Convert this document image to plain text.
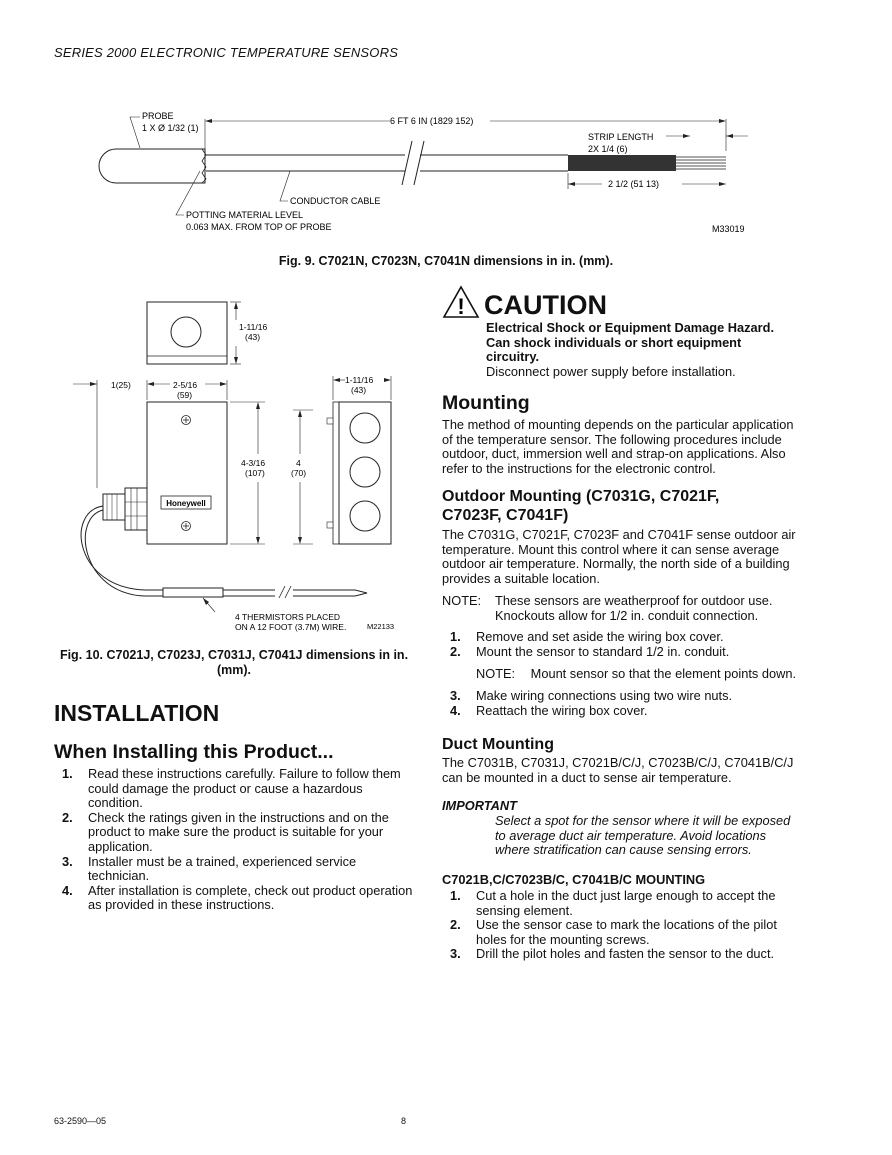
SERIES 2000 ELECTRONIC TEMPERATURE SENSORS
6 FT 6 IN (1829 152)
STRIP LENGTH
2X 1/4 (6)
2 1/2 (51 13)
PROBE
1 X Ø 1/32 (1)
CONDUCTOR CABLE
POTTING MATERIAL LEVEL
0.063 MAX. FROM TOP OF PROBE	M33019
Fig. 9. C7021N, C7023N, C7041N dimensions in in. (mm).
1-11/16
(43)
Honeywell
4 THERMISTORS PLACED
ON A 12 FOOT (3.7M) WIRE.	M22133
1(25)	2-5/16
(59)
4-3/16
(107)
4
(70)
1-11/16
(43)
Fig. 10. C7021J, C7023J, C7031J, C7041J dimensions in in.
(mm).
INSTALLATION
When Installing this Product...
1. Read these instructions carefully. Failure to follow them could damage the product or cause a hazardous condition.
2. Check the ratings given in the instructions and on the product to make sure the product is suitable for your application.
3. Installer must be a trained, experienced service technician.
4. After installation is complete, check out product operation as provided in these instructions.
! CAUTION
Electrical Shock or Equipment Damage Hazard.
Can shock individuals or short equipment circuitry.
Disconnect power supply before installation.
Mounting
The method of mounting depends on the particular application of the temperature sensor. The following procedures include outdoor, duct, immersion well and strap-on applications. Also refer to the instructions for the electronic control.
Outdoor Mounting (C7031G, C7021F, C7023F, C7041F)
The C7031G, C7021F, C7023F and C7041F sense outdoor air temperature. Mount this control where it can sense average outdoor air temperature. Normally, the north side of a building provides a suitable location.
NOTE:	These sensors are weatherproof for outdoor use. Knockouts allow for 1/2 in. conduit connection.
1. Remove and set aside the wiring box cover.
2. Mount the sensor to standard 1/2 in. conduit.
NOTE: Mount sensor so that the element points down.
3. Make wiring connections using two wire nuts.
4. Reattach the wiring box cover.
Duct Mounting
The C7031B, C7031J, C7021B/C/J, C7023B/C/J, C7041B/C/J can be mounted in a duct to sense air temperature.
IMPORTANT
Select a spot for the sensor where it will be exposed to average duct air temperature. Avoid locations where stratification can cause sensing errors.
C7021B,C/C7023B/C, C7041B/C MOUNTING
1. Cut a hole in the duct just large enough to accept the sensing element.
2. Use the sensor case to mark the locations of the pilot holes for the mounting screws.
3. Drill the pilot holes and fasten the sensor to the duct.
63-2590—05	8
